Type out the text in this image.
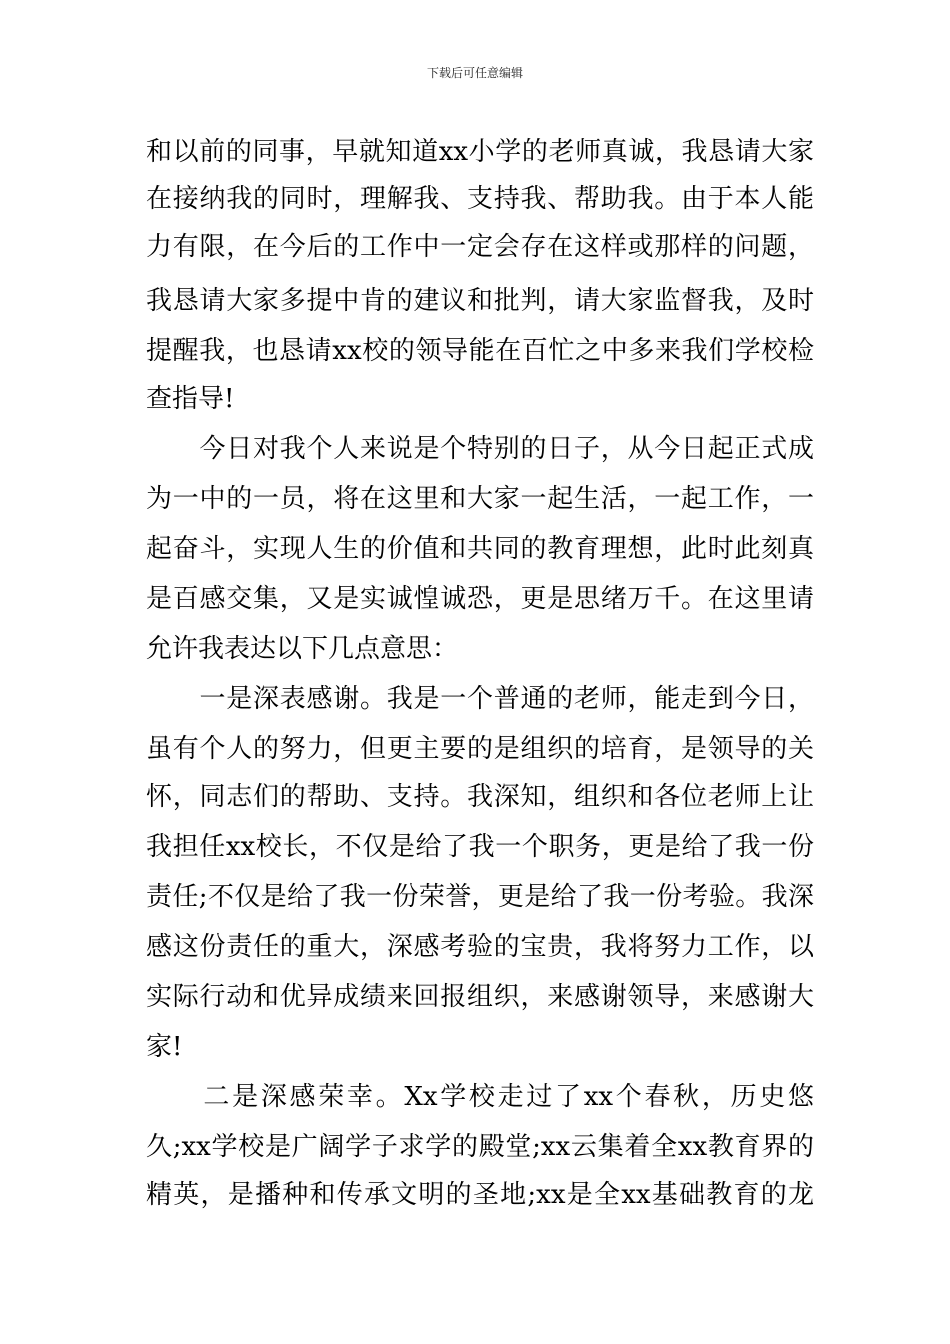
下载后可任意编辑
和以前的同事，早就知道xx小学的老师真诚，我恳请大家
在接纳我的同时，理解我、支持我、帮助我。由于本人能
力有限，在今后的工作中一定会存在这样或那样的问题，
我恳请大家多提中肯的建议和批判，请大家监督我，及时
提醒我，也恳请xx校的领导能在百忙之中多来我们学校检
查指导!
　　今日对我个人来说是个特别的日子，从今日起正式成
为一中的一员，将在这里和大家一起生活，一起工作，一
起奋斗，实现人生的价值和共同的教育理想，此时此刻真
是百感交集，又是实诚惶诚恐，更是思绪万千。在这里请
允许我表达以下几点意思：
　　一是深表感谢。我是一个普通的老师，能走到今日，
虽有个人的努力，但更主要的是组织的培育，是领导的关
怀，同志们的帮助、支持。我深知，组织和各位老师上让
我担任xx校长，不仅是给了我一个职务，更是给了我一份
责任;不仅是给了我一份荣誉，更是给了我一份考验。我深
感这份责任的重大，深感考验的宝贵，我将努力工作，以
实际行动和优异成绩来回报组织，来感谢领导，来感谢大
家!
　　二是深感荣幸。Xx学校走过了xx个春秋，历史悠
久;xx学校是广阔学子求学的殿堂;xx云集着全xx教育界的
精英，是播种和传承文明的圣地;xx是全xx基础教育的龙
